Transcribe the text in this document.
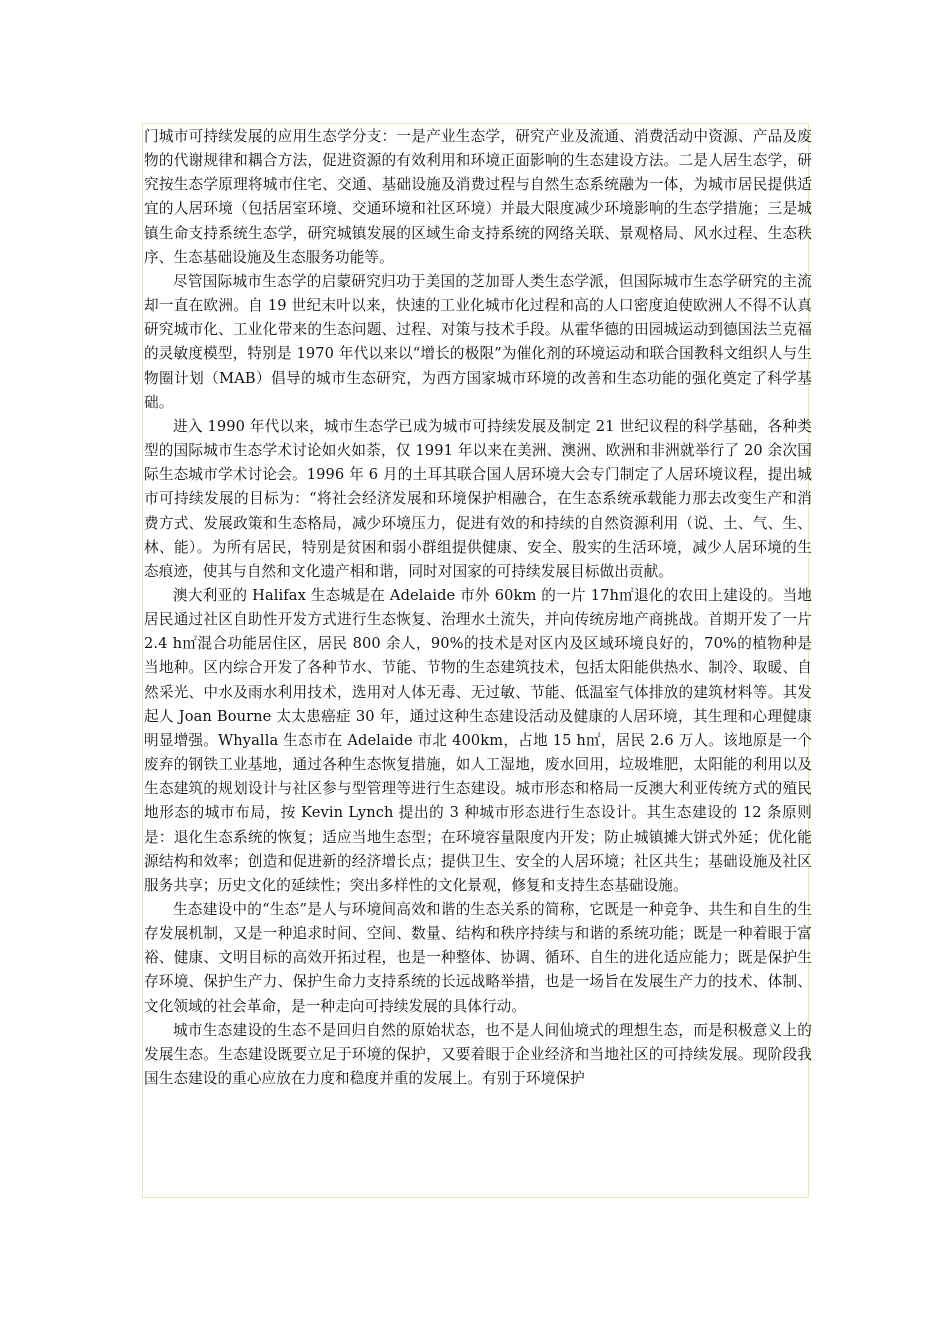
门城市可持续发展的应用生态学分支：一是产业生态学，研究产业及流通、消费活动中资源、产品及废物的代谢规律和耦合方法，促进资源的有效利用和环境正面影响的生态建设方法。二是人居生态学，研究按生态学原理将城市住宅、交通、基础设施及消费过程与自然生态系统融为一体，为城市居民提供适宜的人居环境（包括居室环境、交通环境和社区环境）并最大限度减少环境影响的生态学措施；三是城镇生命支持系统生态学，研究城镇发展的区域生命支持系统的网络关联、景观格局、风水过程、生态秩序、生态基础设施及生态服务功能等。

尽管国际城市生态学的启蒙研究归功于美国的芝加哥人类生态学派，但国际城市生态学研究的主流却一直在欧洲。自 19 世纪末叶以来，快速的工业化城市化过程和高的人口密度迫使欧洲人不得不认真研究城市化、工业化带来的生态问题、过程、对策与技术手段。从霍华德的田园城运动到德国法兰克福的灵敏度模型，特别是 1970 年代以来以“增长的极限”为催化剂的环境运动和联合国教科文组织人与生物圈计划（MAB）倡导的城市生态研究，为西方国家城市环境的改善和生态功能的强化奠定了科学基础。

进入 1990 年代以来，城市生态学已成为城市可持续发展及制定 21 世纪议程的科学基础，各种类型的国际城市生态学术讨论如火如荼，仅 1991 年以来在美洲、澳洲、欧洲和非洲就举行了 20 余次国际生态城市学术讨论会。1996 年 6 月的土耳其联合国人居环境大会专门制定了人居环境议程，提出城市可持续发展的目标为：“将社会经济发展和环境保护相融合，在生态系统承载能力那去改变生产和消费方式、发展政策和生态格局，减少环境压力，促进有效的和持续的自然资源利用（说、土、气、生、林、能）。为所有居民，特别是贫困和弱小群组提供健康、安全、殷实的生活环境，减少人居环境的生态痕迹，使其与自然和文化遗产相和谐，同时对国家的可持续发展目标做出贡献。

澳大利亚的 Halifax 生态城是在 Adelaide 市外 60km 的一片 17h㎡退化的农田上建设的。当地居民通过社区自助性开发方式进行生态恢复、治理水土流失，并向传统房地产商挑战。首期开发了一片 2.4 h㎡混合功能居住区，居民 800 余人，90%的技术是对区内及区域环境良好的，70%的植物种是当地种。区内综合开发了各种节水、节能、节物的生态建筑技术，包括太阳能供热水、制冷、取暖、自然采光、中水及雨水利用技术，选用对人体无毒、无过敏、节能、低温室气体排放的建筑材料等。其发起人 Joan Bourne 太太患癌症 30 年，通过这种生态建设活动及健康的人居环境，其生理和心理健康明显增强。Whyalla 生态市在 Adelaide 市北 400km，占地 15 h㎡，居民 2.6 万人。该地原是一个废弃的钢铁工业基地，通过各种生态恢复措施，如人工湿地，废水回用，垃圾堆肥，太阳能的利用以及生态建筑的规划设计与社区参与型管理等进行生态建设。城市形态和格局一反澳大利亚传统方式的殖民地形态的城市布局，按 Kevin Lynch 提出的 3 种城市形态进行生态设计。其生态建设的 12 条原则是：退化生态系统的恢复；适应当地生态型；在环境容量限度内开发；防止城镇摊大饼式外延；优化能源结构和效率；创造和促进新的经济增长点；提供卫生、安全的人居环境；社区共生；基础设施及社区服务共享；历史文化的延续性；突出多样性的文化景观，修复和支持生态基础设施。

生态建设中的“生态”是人与环境间高效和谐的生态关系的简称，它既是一种竞争、共生和自生的生存发展机制，又是一种追求时间、空间、数量、结构和秩序持续与和谐的系统功能；既是一种着眼于富裕、健康、文明目标的高效开拓过程，也是一种整体、协调、循环、自生的进化适应能力；既是保护生存环境、保护生产力、保护生命力支持系统的长远战略举措，也是一场旨在发展生产力的技术、体制、文化领域的社会革命，是一种走向可持续发展的具体行动。

城市生态建设的生态不是回归自然的原始状态，也不是人间仙境式的理想生态，而是积极意义上的发展生态。生态建设既要立足于环境的保护，又要着眼于企业经济和当地社区的可持续发展。现阶段我国生态建设的重心应放在力度和稳度并重的发展上。有别于环境保护
